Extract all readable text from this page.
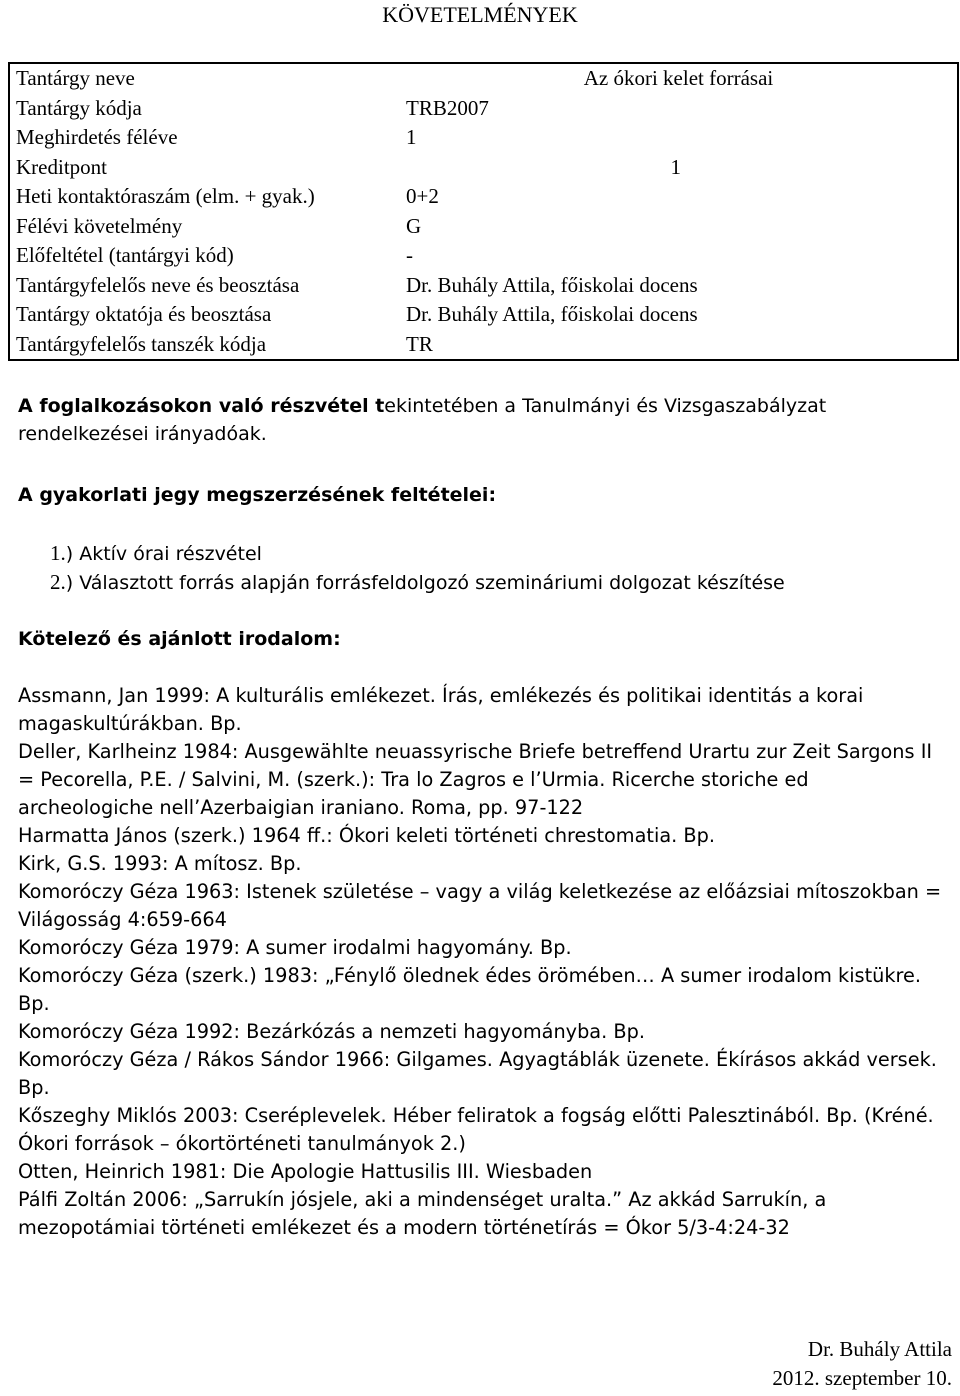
KÖVETELMÉNYEK
Tantárgy neve	Az ókori kelet forrásai
Tantárgy kódja	TRB2007
Meghirdetés féléve	1
Kreditpont	1
Heti kontaktóraszám (elm. + gyak.)	0+2
Félévi követelmény	G
Előfeltétel (tantárgyi kód)	-
Tantárgyfelelős neve és beosztása	Dr. Buhály Attila, főiskolai docens
Tantárgy oktatója és beosztása	Dr. Buhály Attila, főiskolai docens
Tantárgyfelelős tanszék kódja	TR
A foglalkozásokon való részvétel tekintetében a Tanulmányi és Vizsgaszabályzat rendelkezései irányadóak.
A gyakorlati jegy megszerzésének feltételei:
1.) Aktív órai részvétel
2.) Választott forrás alapján forrásfeldolgozó szemináriumi dolgozat készítése
Kötelező és ajánlott irodalom:

Assmann, Jan 1999: A kulturális emlékezet. Írás, emlékezés és politikai identitás a korai magaskultúrákban. Bp.

Deller, Karlheinz 1984: Ausgewählte neuassyrische Briefe betreffend Urartu zur Zeit Sargons II = Pecorella, P.E. / Salvini, M. (szerk.): Tra lo Zagros e l’Urmia. Ricerche storiche ed archeologiche nell’Azerbaigian iraniano. Roma, pp. 97-122

Harmatta János (szerk.) 1964 ff.: Ókori keleti történeti chrestomatia. Bp.

Kirk, G.S. 1993: A mítosz. Bp.

Komoróczy Géza 1963: Istenek születése – vagy a világ keletkezése az előázsiai mítoszokban = Világosság 4:659-664

Komoróczy Géza 1979: A sumer irodalmi hagyomány. Bp.

Komoróczy Géza (szerk.) 1983: „Fénylő ölednek édes örömében… A sumer irodalom kistükre. Bp.

Komoróczy Géza 1992: Bezárkózás a nemzeti hagyományba. Bp.

Komoróczy Géza / Rákos Sándor 1966: Gilgames. Agyagtáblák üzenete. Ékírásos akkád versek. Bp.

Kőszeghy Miklós 2003: Cseréplevelek. Héber feliratok a fogság előtti Palesztinából. Bp. (Kréné. Ókori források – ókortörténeti tanulmányok 2.)

Otten, Heinrich 1981: Die Apologie Hattusilis III. Wiesbaden

Pálfi Zoltán 2006: „Sarrukín jósjele, aki a mindenséget uralta.” Az akkád Sarrukín, a mezopotámiai történeti emlékezet és a modern történetírás = Ókor 5/3-4:24-32

Dr. Buhály Attila
2012. szeptember 10.
